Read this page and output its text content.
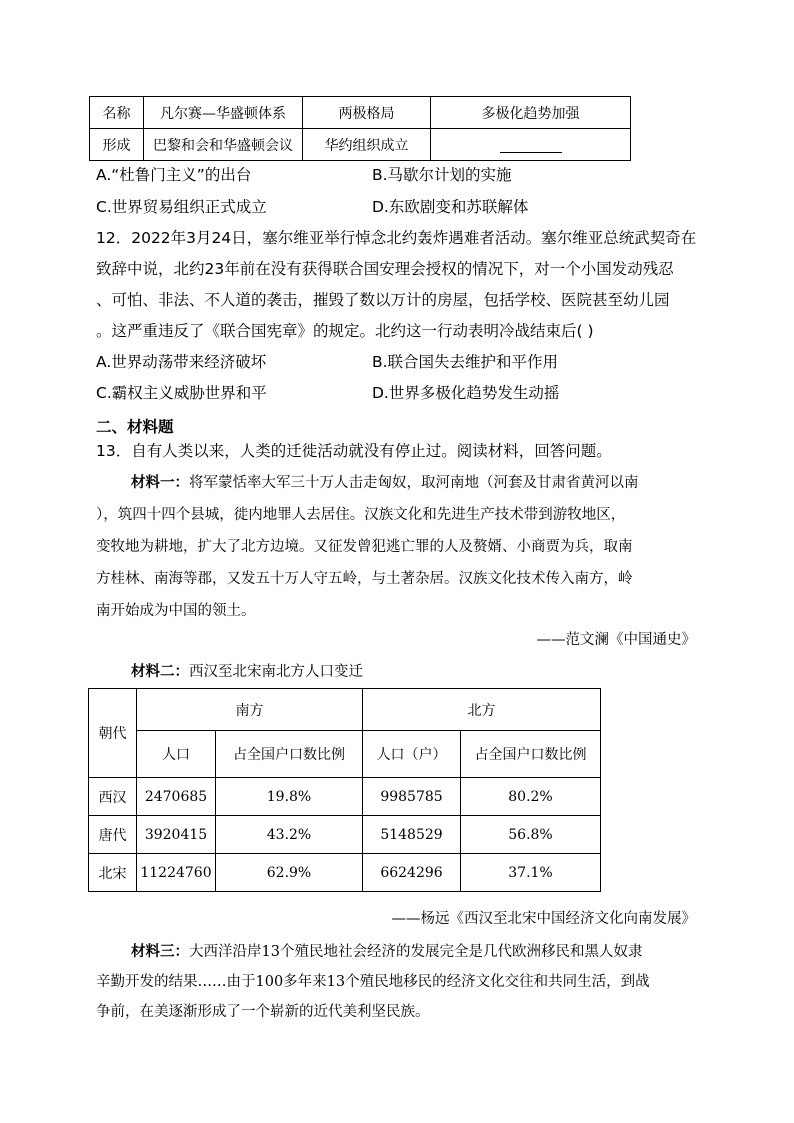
名称	凡尔赛—华盛顿体系	两极格局	多极化趋势加强
形成	巴黎和会和华盛顿会议	华约组织成立	
A.“杜鲁门主义”的出台	B.马歇尔计划的实施
C.世界贸易组织正式成立	D.东欧剧变和苏联解体
12．2022年3月24日，塞尔维亚举行悼念北约轰炸遇难者活动。塞尔维亚总统武契奇在
致辞中说，北约23年前在没有获得联合国安理会授权的情况下，对一个小国发动残忍
、可怕、非法、不人道的袭击，摧毁了数以万计的房屋，包括学校、医院甚至幼儿园
。这严重违反了《联合国宪章》的规定。北约这一行动表明冷战结束后( )
A.世界动荡带来经济破坏	B.联合国失去维护和平作用
C.霸权主义威胁世界和平	D.世界多极化趋势发生动摇
二、材料题
13．自有人类以来，人类的迁徙活动就没有停止过。阅读材料，回答问题。
材料一：将军蒙恬率大军三十万人击走匈奴，取河南地（河套及甘肃省黄河以南
），筑四十四个县城，徙内地罪人去居住。汉族文化和先进生产技术带到游牧地区，
变牧地为耕地，扩大了北方边境。又征发曾犯逃亡罪的人及赘婿、小商贾为兵，取南
方桂林、南海等郡，又发五十万人守五岭，与土著杂居。汉族文化技术传入南方，岭
南开始成为中国的领土。
——范文澜《中国通史》
材料二：西汉至北宋南北方人口变迁
朝代	南方		北方	
	人口	占全国户口数比例	人口（户）	占全国户口数比例
西汉	2470685	19.8%	9985785	80.2%
唐代	3920415	43.2%	5148529	56.8%
北宋	11224760	62.9%	6624296	37.1%
——杨远《西汉至北宋中国经济文化向南发展》
材料三：大西洋沿岸13个殖民地社会经济的发展完全是几代欧洲移民和黑人奴隶
辛勤开发的结果……由于100多年来13个殖民地移民的经济文化交往和共同生活，到战
争前，在美逐渐形成了一个崭新的近代美利坚民族。
